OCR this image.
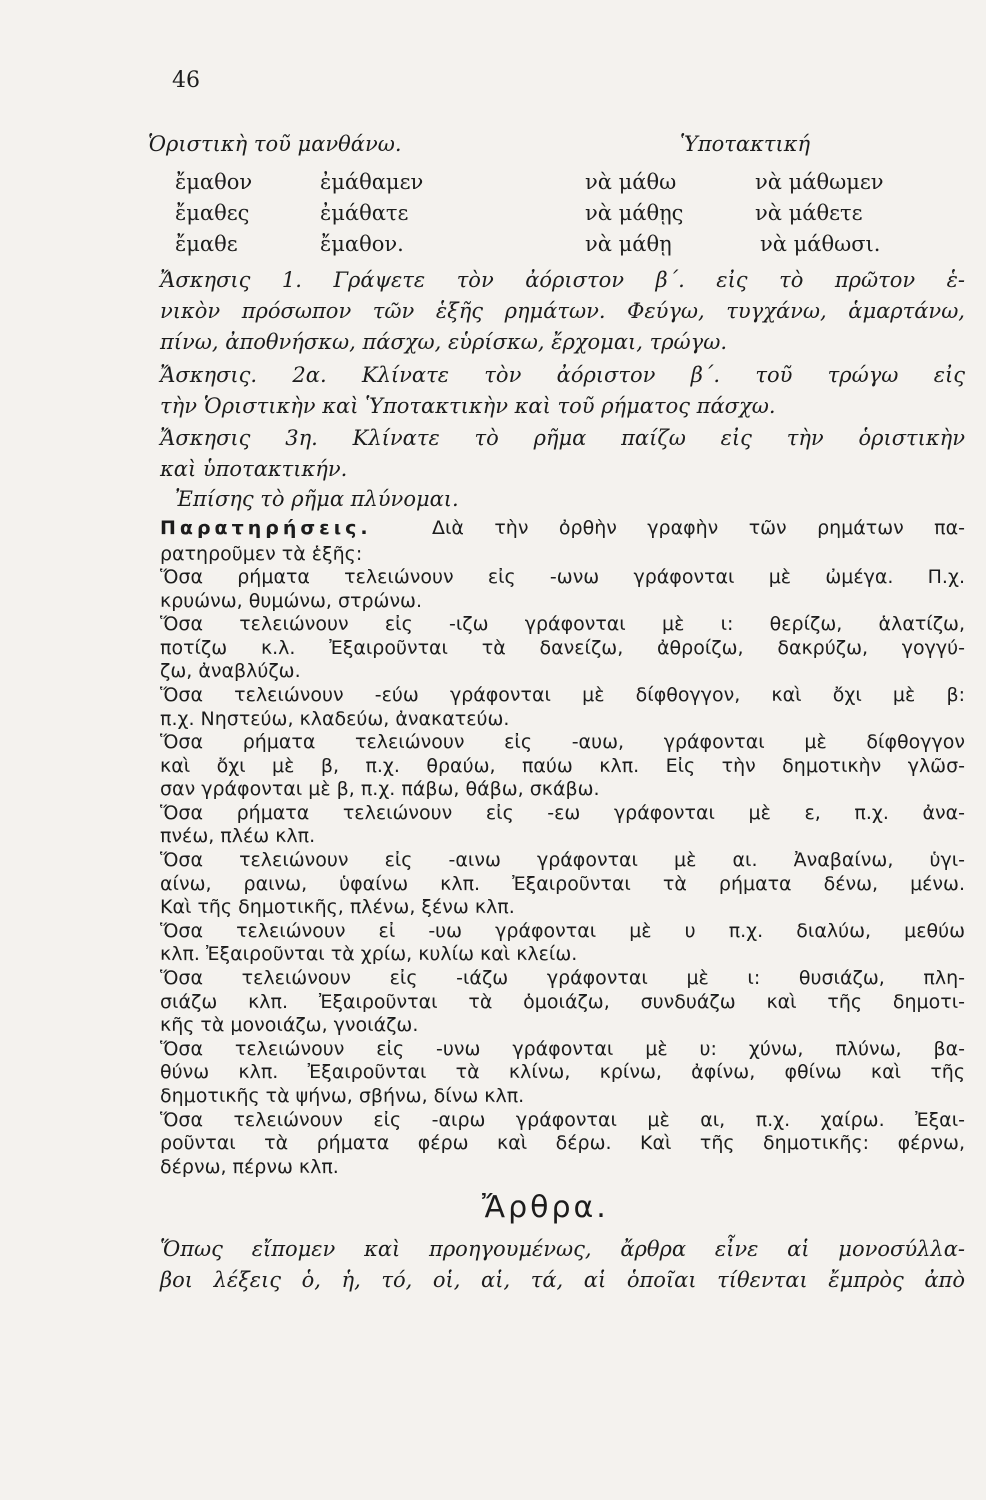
46
Ὁριστικὴ τοῦ μανθάνω.	Ὑποτακτική
ἔμαθον
ἔμαθες
ἔμαθε
ἐμάθαμεν
ἐμάθατε
ἔμαθον.
νὰ μάθω
νὰ μάθῃς
νὰ μάθῃ
νὰ μάθωμεν
νὰ μάθετε
νὰ μάθωσι.
Ἄσκησις 1. Γράψετε τὸν ἀόριστον β΄. εἰς τὸ πρῶτον ἑ-
νικὸν πρόσωπον τῶν ἑξῆς ρημάτων. Φεύγω, τυγχάνω, ἁμαρτάνω,
πίνω, ἀποθνήσκω, πάσχω, εὑρίσκω, ἔρχομαι, τρώγω.
Ἄσκησις. 2α. Κλίνατε τὸν ἀόριστον β΄. τοῦ τρώγω εἰς
τὴν Ὁριστικὴν καὶ Ὑποτακτικὴν καὶ τοῦ ρήματος πάσχω.
Ἄσκησις 3η. Κλίνατε τὸ ρῆμα παίζω εἰς τὴν ὁριστικὴν
καὶ ὑποτακτικήν.
Ἐπίσης τὸ ρῆμα πλύνομαι.
Παρατηρήσεις.	Διὰ τὴν ὀρθὴν γραφὴν τῶν ρημάτων πα-
ρατηροῦμεν τὰ ἑξῆς:
Ὅσα ρήματα τελειώνουν εἰς -ωνω γράφονται μὲ ὠμέγα. Π.χ.
κρυώνω, θυμώνω, στρώνω.
Ὅσα τελειώνουν εἰς -ιζω γράφονται μὲ ι: θερίζω, ἁλατίζω,
ποτίζω κ.λ. Ἐξαιροῦνται τὰ δανείζω, ἀθροίζω, δακρύζω, γογγύ-
ζω, ἀναβλύζω.
Ὅσα τελειώνουν -εύω γράφονται μὲ δίφθογγον, καὶ ὄχι μὲ β:
π.χ. Νηστεύω, κλαδεύω, ἀνακατεύω.
Ὅσα ρήματα τελειώνουν εἰς -αυω, γράφονται μὲ δίφθογγον
καὶ ὄχι μὲ β, π.χ. θραύω, παύω κλπ. Εἰς τὴν δημοτικὴν γλῶσ-
σαν γράφονται μὲ β, π.χ. πάβω, θάβω, σκάβω.
Ὅσα ρήματα τελειώνουν εἰς -εω γράφονται μὲ ε, π.χ. ἀνα-
πνέω, πλέω κλπ.
Ὅσα τελειώνουν εἰς -αινω γράφονται μὲ αι. Ἀναβαίνω, ὑγι-
αίνω, ραινω, ὑφαίνω κλπ. Ἐξαιροῦνται τὰ ρήματα δένω, μένω.
Καὶ τῆς δημοτικῆς, πλένω, ξένω κλπ.
Ὅσα τελειώνουν εἰ -υω γράφονται μὲ υ π.χ. διαλύω, μεθύω
κλπ. Ἐξαιροῦνται τὰ χρίω, κυλίω καὶ κλείω.
Ὅσα τελειώνουν εἰς -ιάζω γράφονται μὲ ι: θυσιάζω, πλη-
σιάζω κλπ. Ἐξαιροῦνται τὰ ὁμοιάζω, συνδυάζω καὶ τῆς δημοτι-
κῆς τὰ μονοιάζω, γνοιάζω.
Ὅσα τελειώνουν εἰς -υνω γράφονται μὲ υ: χύνω, πλύνω, βα-
θύνω κλπ. Ἐξαιροῦνται τὰ κλίνω, κρίνω, ἀφίνω, φθίνω καὶ τῆς
δημοτικῆς τὰ ψήνω, σβήνω, δίνω κλπ.
Ὅσα τελειώνουν εἰς -αιρω γράφονται μὲ αι, π.χ. χαίρω. Ἐξαι-
ροῦνται τὰ ρήματα φέρω καὶ δέρω. Καὶ τῆς δημοτικῆς: φέρνω,
δέρνω, πέρνω κλπ.
Ἄρθρα.
Ὅπως εἴπομεν καὶ προηγουμένως, ἄρθρα εἶνε αἱ μονοσύλλα-
βοι λέξεις ὁ, ἡ, τό, οἱ, αἱ, τά, αἱ ὁποῖαι τίθενται ἔμπρὸς ἀπὸ
